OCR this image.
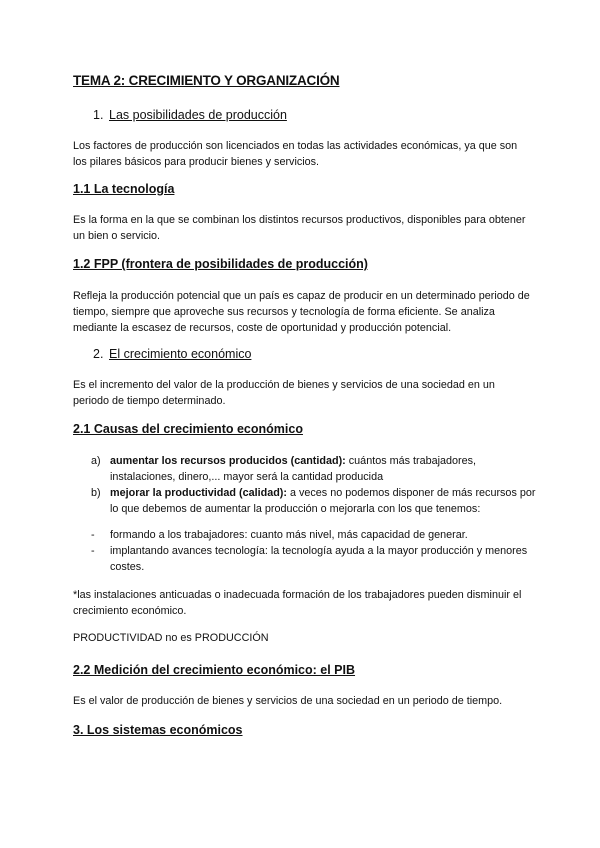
TEMA 2: CRECIMIENTO Y ORGANIZACIÓN
1. Las posibilidades de producción

Los factores de producción son licenciados en todas las actividades económicas, ya que son los pilares básicos para producir bienes y servicios.

1.1 La tecnología

Es la forma en la que se combinan los distintos recursos productivos, disponibles para obtener un bien o servicio.

1.2 FPP (frontera de posibilidades de producción)

Refleja la producción potencial que un país es capaz de producir en un determinado periodo de tiempo, siempre que aproveche sus recursos y tecnología de forma eficiente. Se analiza mediante la escasez de recursos, coste de oportunidad y producción potencial.

2. El crecimiento económico

Es el incremento del valor de la producción de bienes y servicios de una sociedad en un periodo de tiempo determinado.

2.1 Causas del crecimiento económico
a) aumentar los recursos producidos (cantidad): cuántos más trabajadores, instalaciones, dinero,... mayor será la cantidad producida
b) mejorar la productividad (calidad): a veces no podemos disponer de más recursos por lo que debemos de aumentar la producción o mejorarla con los que tenemos:
- formando a los trabajadores: cuanto más nivel, más capacidad de generar.
- implantando avances tecnología: la tecnología ayuda a la mayor producción y menores costes.

*las instalaciones anticuadas o inadecuada formación de los trabajadores pueden disminuir el crecimiento económico.

PRODUCTIVIDAD no es PRODUCCIÓN

2.2 Medición del crecimiento económico: el PIB

Es el valor de producción de bienes y servicios de una sociedad en un periodo de tiempo.

3. Los sistemas económicos
